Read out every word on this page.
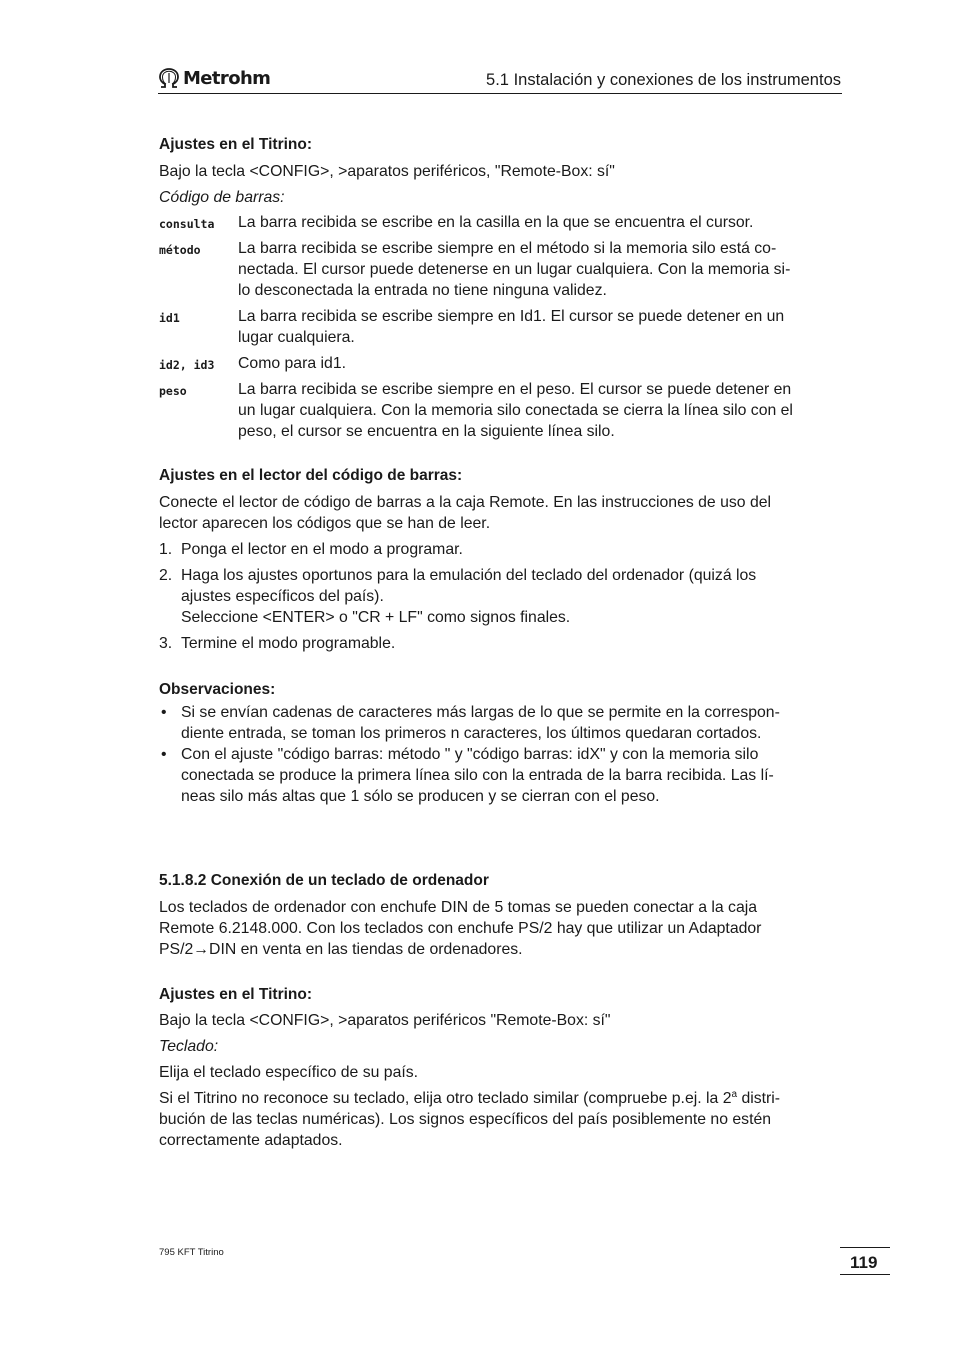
Metrohm	5.1 Instalación y conexiones de los instrumentos
Ajustes en el Titrino:
Bajo la tecla <CONFIG>, >aparatos periféricos, "Remote-Box: sí"
Código de barras:
consulta La barra recibida se escribe en la casilla en la que se encuentra el cursor.
método La barra recibida se escribe siempre en el método si la memoria silo está co-
nectada. El cursor puede detenerse en un lugar cualquiera. Con la memoria si-
lo desconectada la entrada no tiene ninguna validez.
id1	La barra recibida se escribe siempre en Id1. El cursor se puede detener en un
lugar cualquiera.
id2, id3 Como para id1.
peso	La barra recibida se escribe siempre en el peso. El cursor se puede detener en
un lugar cualquiera. Con la memoria silo conectada se cierra la línea silo con el
peso, el cursor se encuentra en la siguiente línea silo.
Ajustes en el lector del código de barras:
Conecte el lector de código de barras a la caja Remote. En las instrucciones de uso del
lector aparecen los códigos que se han de leer.
1. Ponga el lector en el modo a programar.
2. Haga los ajustes oportunos para la emulación del teclado del ordenador (quizá los
ajustes específicos del país).
Seleccione <ENTER> o "CR + LF" como signos finales.
3. Termine el modo programable.
Observaciones:
• Si se envían cadenas de caracteres más largas de lo que se permite en la correspon-
diente entrada, se toman los primeros n caracteres, los últimos quedaran cortados.
• Con el ajuste "código barras: método " y "código barras: idX" y con la memoria silo
conectada se produce la primera línea silo con la entrada de la barra recibida. Las lí-
neas silo más altas que 1 sólo se producen y se cierran con el peso.
5.1.8.2 Conexión de un teclado de ordenador
Los teclados de ordenador con enchufe DIN de 5 tomas se pueden conectar a la caja
Remote 6.2148.000. Con los teclados con enchufe PS/2 hay que utilizar un Adaptador
PS/2→DIN en venta en las tiendas de ordenadores.
Ajustes en el Titrino:
Bajo la tecla <CONFIG>, >aparatos periféricos "Remote-Box: sí"
Teclado:
Elija el teclado específico de su país.
Si el Titrino no reconoce su teclado, elija otro teclado similar (compruebe p.ej. la 2$^a$ distri-
bución de las teclas numéricas). Los signos específicos del país posiblemente no estén
correctamente adaptados.
795 KFT Titrino
119
